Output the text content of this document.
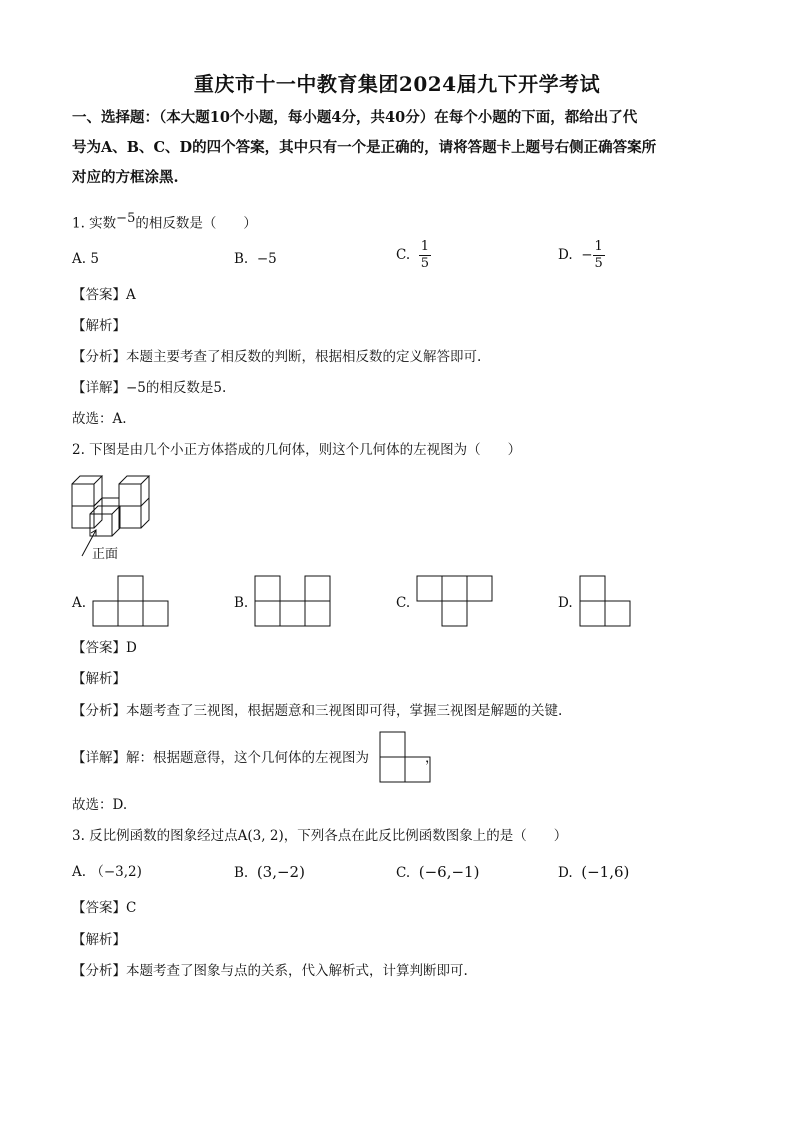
重庆市十一中教育集团2024届九下开学考试
一、选择题：（本大题10个小题，每小题4分，共40分）在每个小题的下面，都给出了代
号为A、B、C、D的四个答案，其中只有一个是正确的，请将答题卡上题号右侧正确答案所
对应的方框涂黑.
1. 实数$^{-5}$的相反数是（　　）
A. 5	B. −5	C. $\frac{1}{5}$	D. − $\frac{1}{5}$
【答案】A
【解析】
【分析】本题主要考查了相反数的判断，根据相反数的定义解答即可.
【详解】−5的相反数是5.
故选：A.
2. 下图是由几个小正方体搭成的几何体，则这个几何体的左视图为（　　）
正面
A.	B.	C.	D.
【答案】D
【解析】
【分析】本题考查了三视图，根据题意和三视图即可得，掌握三视图是解题的关键.
【详解】解：根据题意得，这个几何体的左视图为	，
故选：D.
3. 反比例函数的图象经过点A(3, 2)，下列各点在此反比例函数图象上的是（　　）
A. （−3,2)	B. (3,−2)	C. (−6,−1)	D. (−1,6)
【答案】C
【解析】
【分析】本题考查了图象与点的关系，代入解析式，计算判断即可.
